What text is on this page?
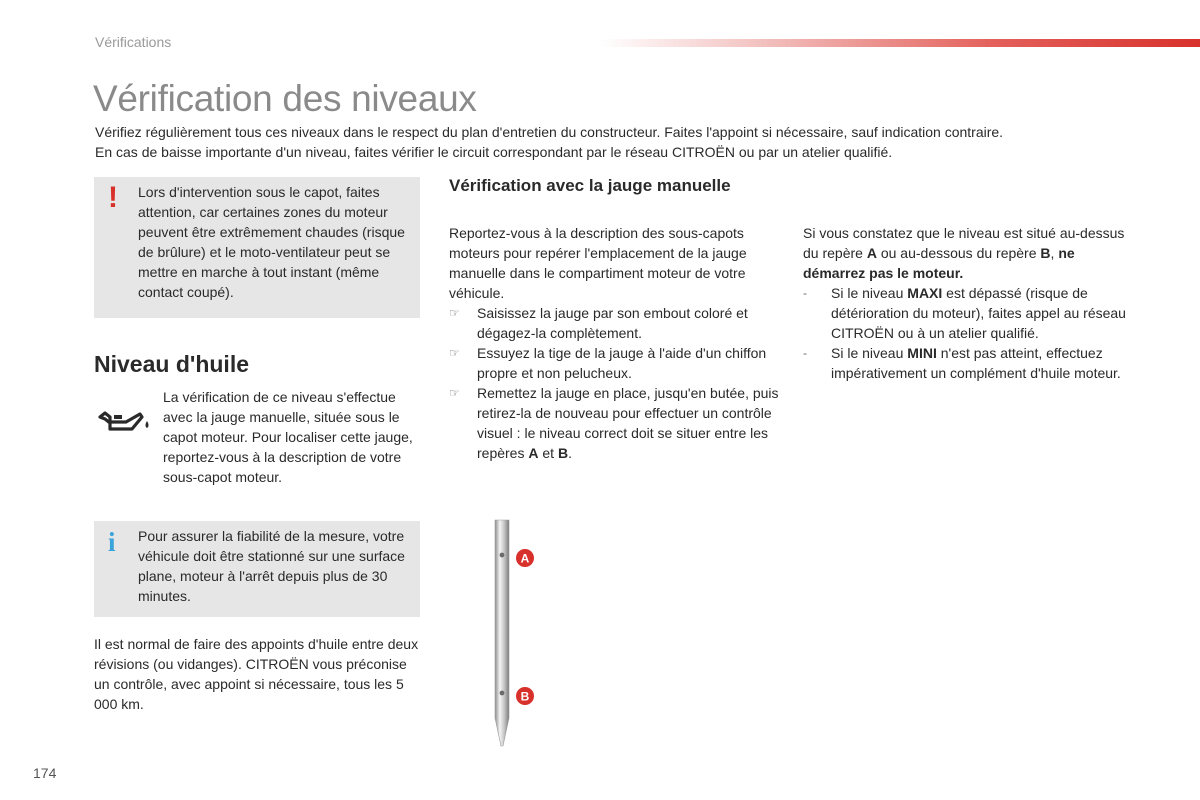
Vérifications
Vérification des niveaux

Vérifiez régulièrement tous ces niveaux dans le respect du plan d'entretien du constructeur. Faites l'appoint si nécessaire, sauf indication contraire.

En cas de baisse importante d'un niveau, faites vérifier le circuit correspondant par le réseau CITROËN ou par un atelier qualifié.

! Lors d'intervention sous le capot, faites attention, car certaines zones du moteur peuvent être extrêmement chaudes (risque de brûlure) et le moto-ventilateur peut se mettre en marche à tout instant (même contact coupé).
Niveau d'huile
La vérification de ce niveau s'effectue avec la jauge manuelle, située sous le capot moteur. Pour localiser cette jauge, reportez-vous à la description de votre sous-capot moteur.
i Pour assurer la fiabilité de la mesure, votre véhicule doit être stationné sur une surface plane, moteur à l'arrêt depuis plus de 30 minutes.
Il est normal de faire des appoints d'huile entre deux révisions (ou vidanges). CITROËN vous préconise un contrôle, avec appoint si nécessaire, tous les 5 000 km.
Vérification avec la jauge manuelle

Reportez-vous à la description des sous-capots moteurs pour repérer l'emplacement de la jauge manuelle dans le compartiment moteur de votre véhicule.

☞ Saisissez la jauge par son embout coloré et dégagez-la complètement.
☞ Essuyez la tige de la jauge à l'aide d'un chiffon propre et non pelucheux.
☞ Remettez la jauge en place, jusqu'en butée, puis retirez-la de nouveau pour effectuer un contrôle visuel : le niveau correct doit se situer entre les repères A et B.

Si vous constatez que le niveau est situé au-dessus du repère A ou au-dessous du repère B, ne démarrez pas le moteur.

- Si le niveau MAXI est dépassé (risque de détérioration du moteur), faites appel au réseau CITROËN ou à un atelier qualifié.
- Si le niveau MINI n'est pas atteint, effectuez impérativement un complément d'huile moteur.
A
B
174
